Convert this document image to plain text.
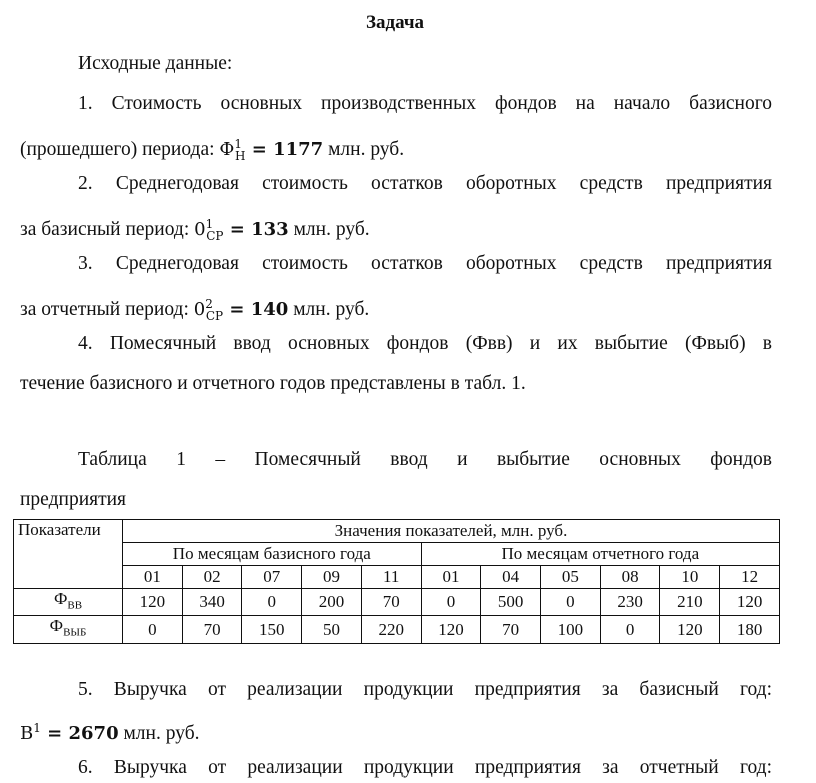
Задача
Исходные данные:
1. Стоимость основных производственных фондов на начало базисного
(прошедшего) периода: $Ф^1_Н = 1177$ млн. руб.
2. Среднегодовая стоимость остатков оборотных средств предприятия
за базисный период: $0^1_{СР} = 133$ млн. руб.
3. Среднегодовая стоимость остатков оборотных средств предприятия
за отчетный период: $0^2_{СР} = 140$ млн. руб.
4. Помесячный ввод основных фондов (Фвв) и их выбытие (Фвыб) в
течение базисного и отчетного годов представлены в табл. 1.
Таблица 1 – Помесячный ввод и выбытие основных фондов
предприятия
Показатели	Значения показателей, млн. руб.										
	По месяцам базисного года					По месяцам отчетного года					
	01	02	07	09	11	01	04	05	08	10	12
$Ф_{ВВ}$	120	340	0	200	70	0	500	0	230	210	120
$Ф_{ВЫБ}$	0	70	150	50	220	120	70	100	0	120	180
5. Выручка от реализации продукции предприятия за базисный год:
$В^1 = 2670$ млн. руб.
6. Выручка от реализации продукции предприятия за отчетный год:
